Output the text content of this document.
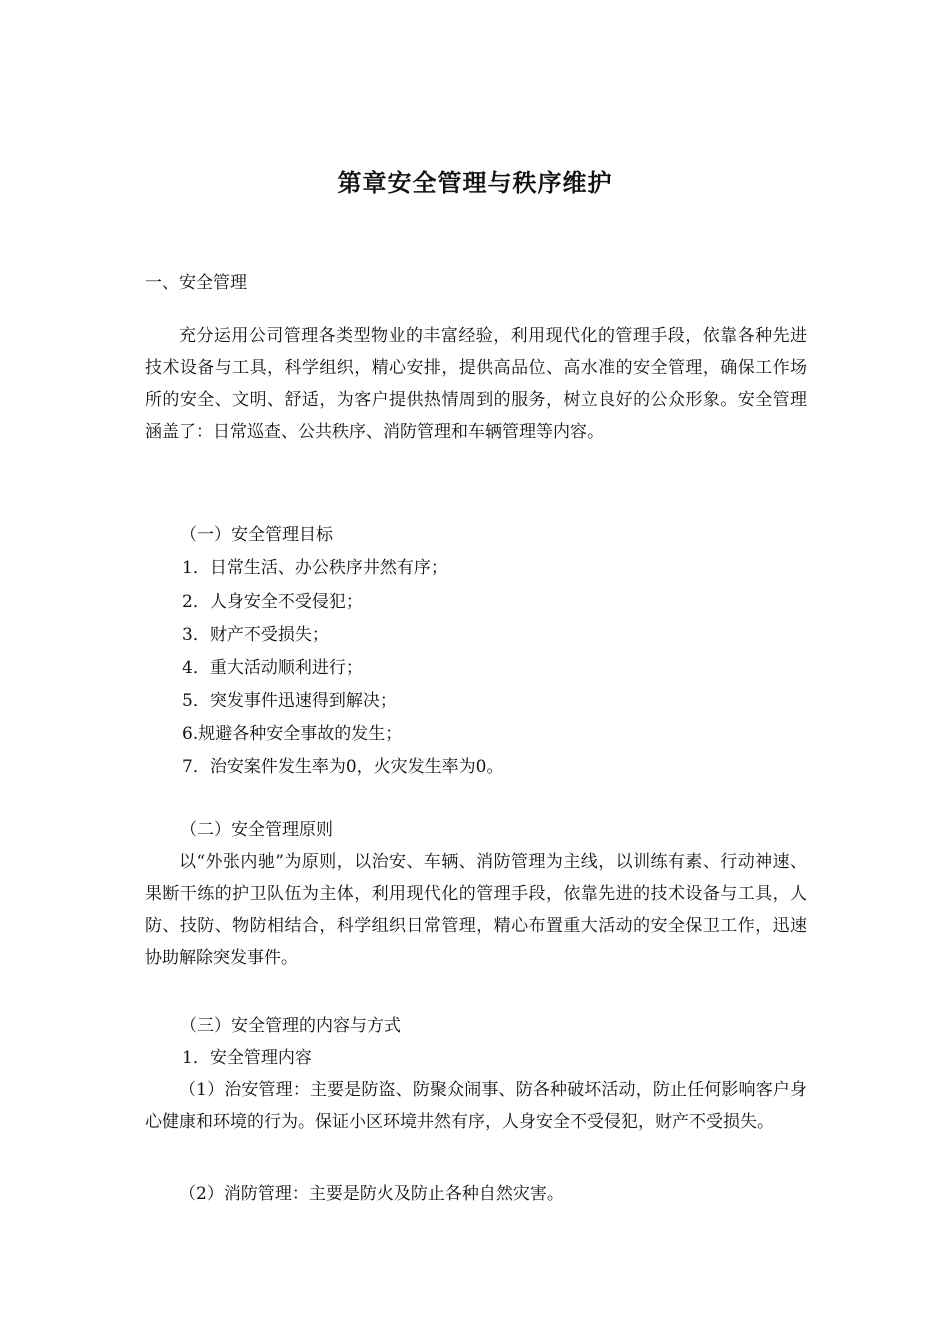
第章安全管理与秩序维护
一、安全管理
充分运用公司管理各类型物业的丰富经验，利用现代化的管理手段，依靠各种先进技术设备与工具，科学组织，精心安排，提供高品位、高水准的安全管理，确保工作场所的安全、文明、舒适，为客户提供热情周到的服务，树立良好的公众形象。安全管理涵盖了：日常巡查、公共秩序、消防管理和车辆管理等内容。
（一）安全管理目标
1．日常生活、办公秩序井然有序；
2．人身安全不受侵犯；
3．财产不受损失；
4．重大活动顺利进行；
5．突发事件迅速得到解决；
6.规避各种安全事故的发生；
7．治安案件发生率为0，火灾发生率为0。
（二）安全管理原则
以“外张内驰”为原则，以治安、车辆、消防管理为主线，以训练有素、行动神速、果断干练的护卫队伍为主体，利用现代化的管理手段，依靠先进的技术设备与工具，人防、技防、物防相结合，科学组织日常管理，精心布置重大活动的安全保卫工作，迅速协助解除突发事件。
（三）安全管理的内容与方式
1．安全管理内容
（1）治安管理：主要是防盗、防聚众闹事、防各种破坏活动，防止任何影响客户身心健康和环境的行为。保证小区环境井然有序，人身安全不受侵犯，财产不受损失。
（2）消防管理：主要是防火及防止各种自然灾害。
